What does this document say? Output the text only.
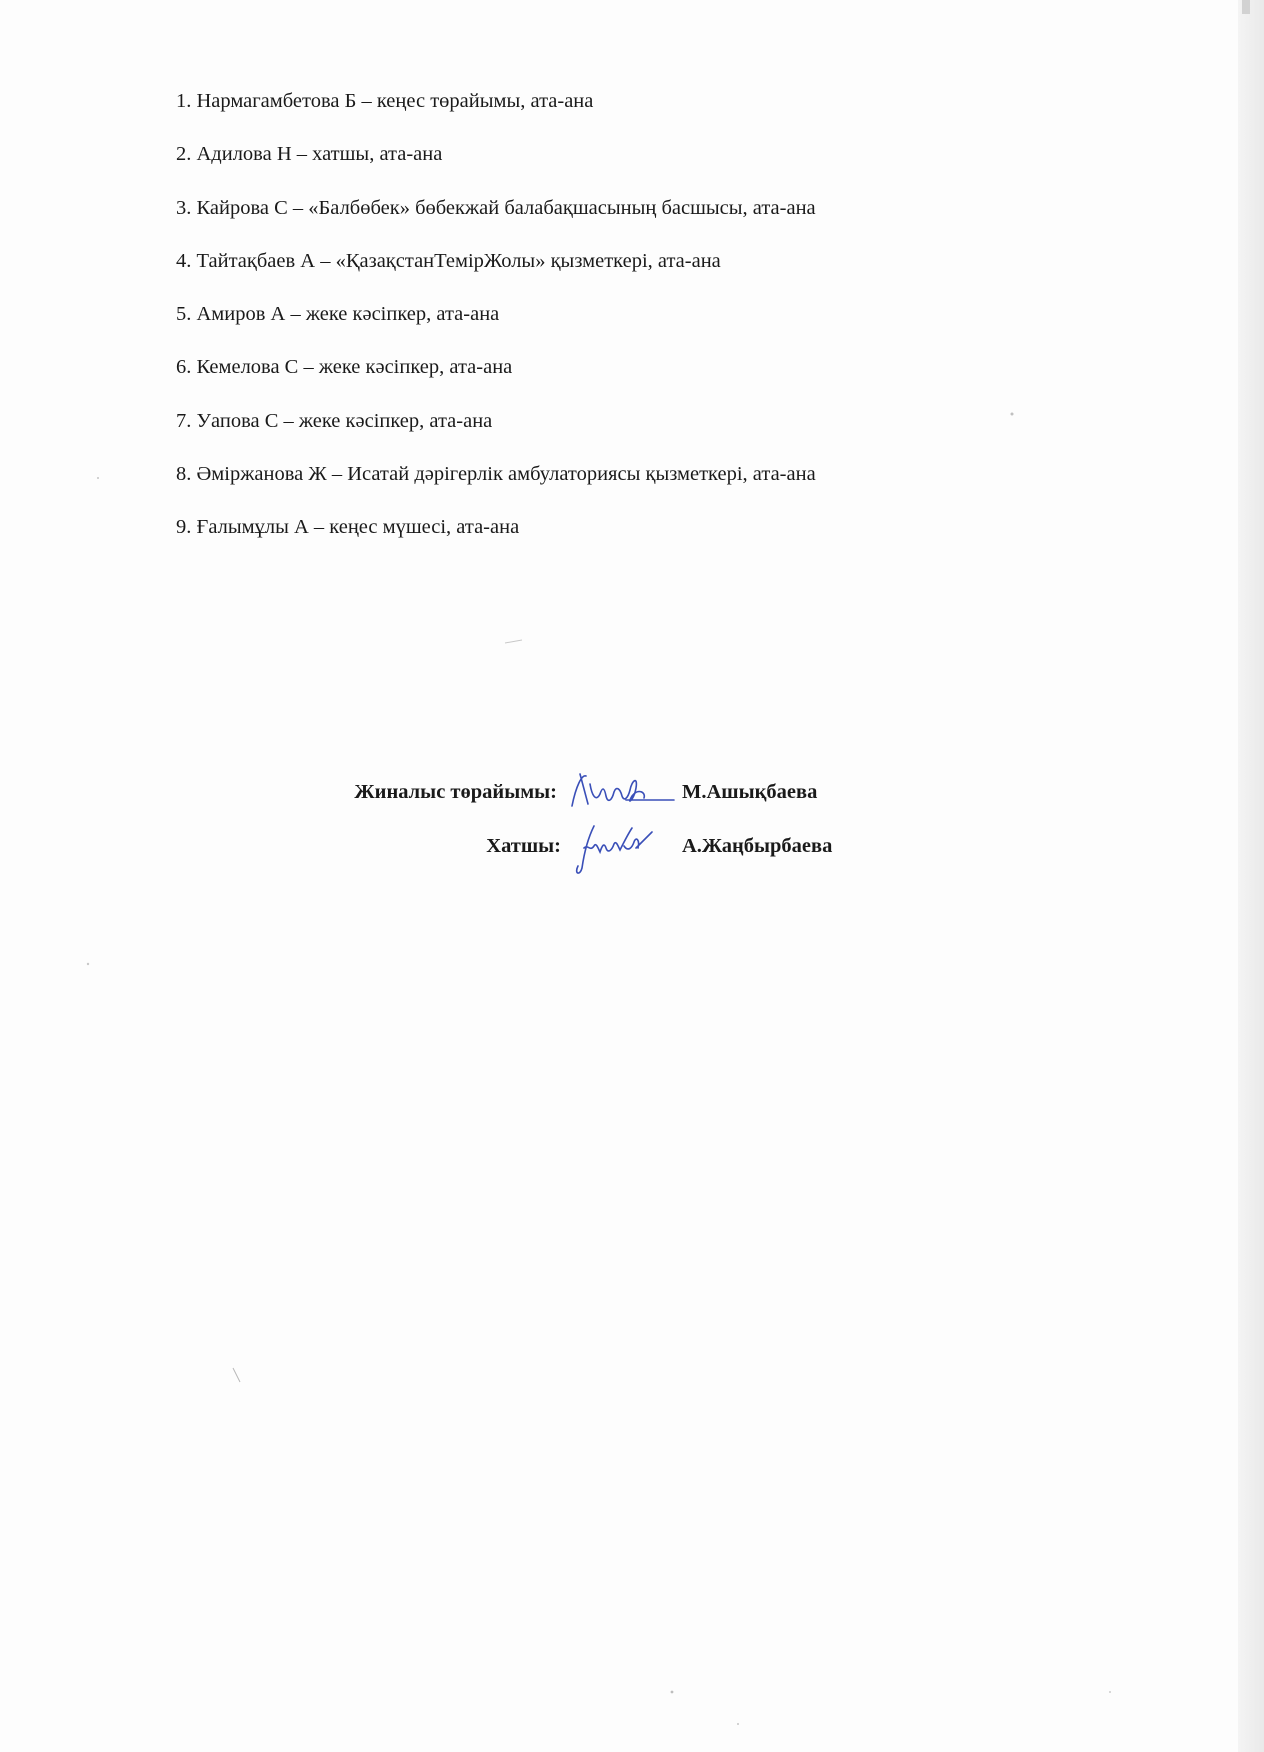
1. Нармагамбетова Б – кеңес төрайымы, ата-ана
2. Адилова Н – хатшы, ата-ана
3. Кайрова С – «Балбөбек» бөбекжай балабақшасының басшысы, ата-ана
4. Тайтақбаев А – «ҚазақстанТемірЖолы» қызметкері, ата-ана
5. Амиров А – жеке кәсіпкер, ата-ана
6. Кемелова С – жеке кәсіпкер, ата-ана
7. Уапова С – жеке кәсіпкер, ата-ана
8. Әміржанова Ж – Исатай дәрігерлік амбулаториясы қызметкері, ата-ана
9. Ғалымұлы А – кеңес мүшесі, ата-ана
Жиналыс төрайымы:	М.Ашықбаева
Хатшы:	А.Жаңбырбаева
